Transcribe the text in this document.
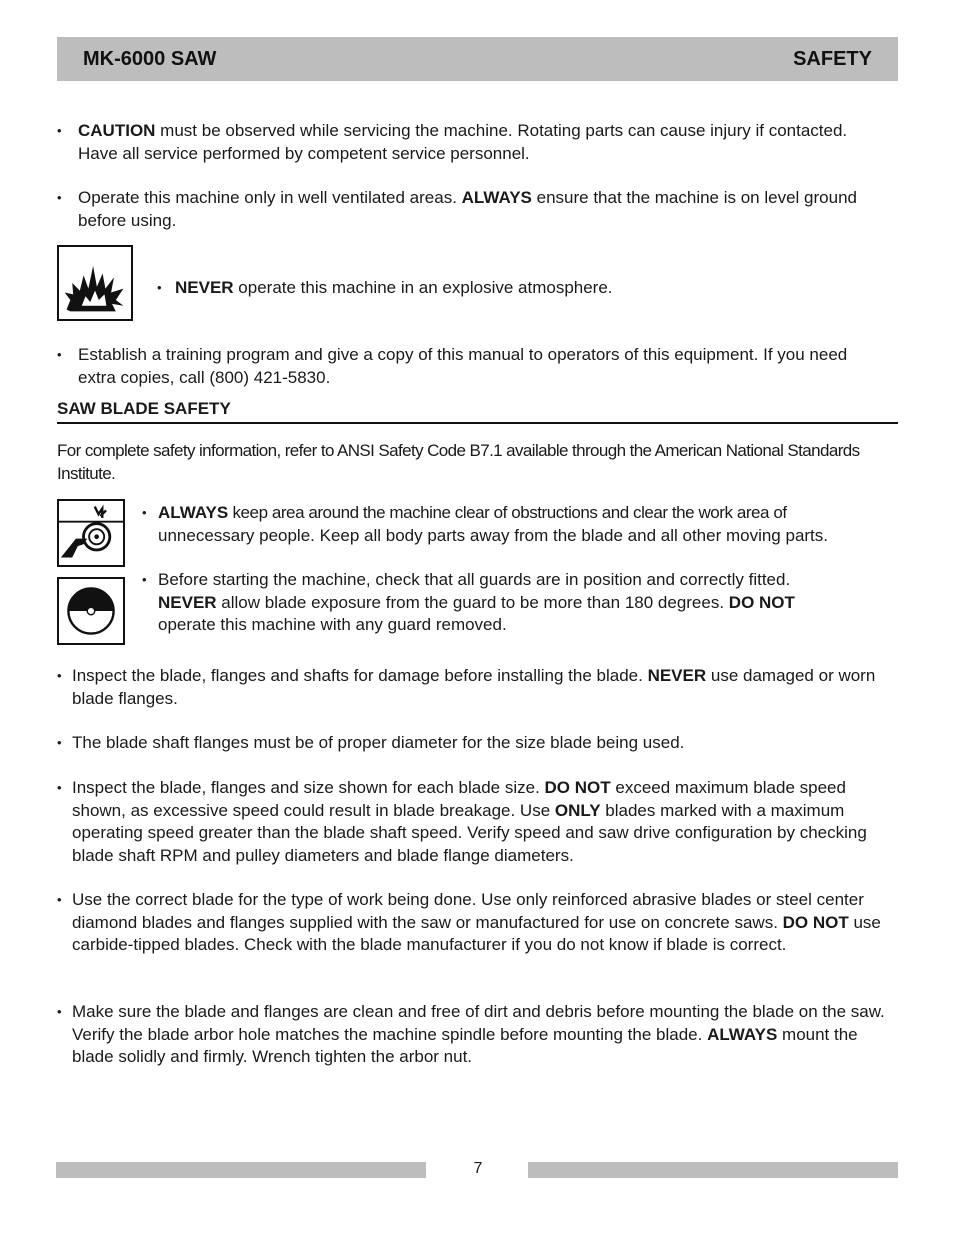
MK-6000 SAW	SAFETY
• CAUTION must be observed while servicing the machine. Rotating parts can cause injury if contacted. Have all service performed by competent service personnel.
• Operate this machine only in well ventilated areas. ALWAYS ensure that the machine is on level ground before using.
• NEVER operate this machine in an explosive atmosphere.
• Establish a training program and give a copy of this manual to operators of this equipment. If you need extra copies, call (800) 421-5830.
SAW BLADE SAFETY
For complete safety information, refer to ANSI Safety Code B7.1 available through the American National Standards Institute.
• ALWAYS keep area around the machine clear of obstructions and clear the work area of
unnecessary people. Keep all body parts away from the blade and all other moving parts.
• Before starting the machine, check that all guards are in position and correctly fitted.
NEVER allow blade exposure from the guard to be more than 180 degrees. DO NOT
operate this machine with any guard removed.
• Inspect the blade, flanges and shafts for damage before installing the blade. NEVER use damaged or worn blade flanges.
• The blade shaft flanges must be of proper diameter for the size blade being used.
• Inspect the blade, flanges and size shown for each blade size. DO NOT exceed maximum blade speed shown, as excessive speed could result in blade breakage. Use ONLY blades marked with a maximum operating speed greater than the blade shaft speed. Verify speed and saw drive configuration by checking blade shaft RPM and pulley diameters and blade flange diameters.
• Use the correct blade for the type of work being done. Use only reinforced abrasive blades or steel center diamond blades and flanges supplied with the saw or manufactured for use on concrete saws. DO NOT use carbide-tipped blades. Check with the blade manufacturer if you do not know if blade is correct.
• Make sure the blade and flanges are clean and free of dirt and debris before mounting the blade on the saw. Verify the blade arbor hole matches the machine spindle before mounting the blade. ALWAYS mount the blade solidly and firmly. Wrench tighten the arbor nut.
7
